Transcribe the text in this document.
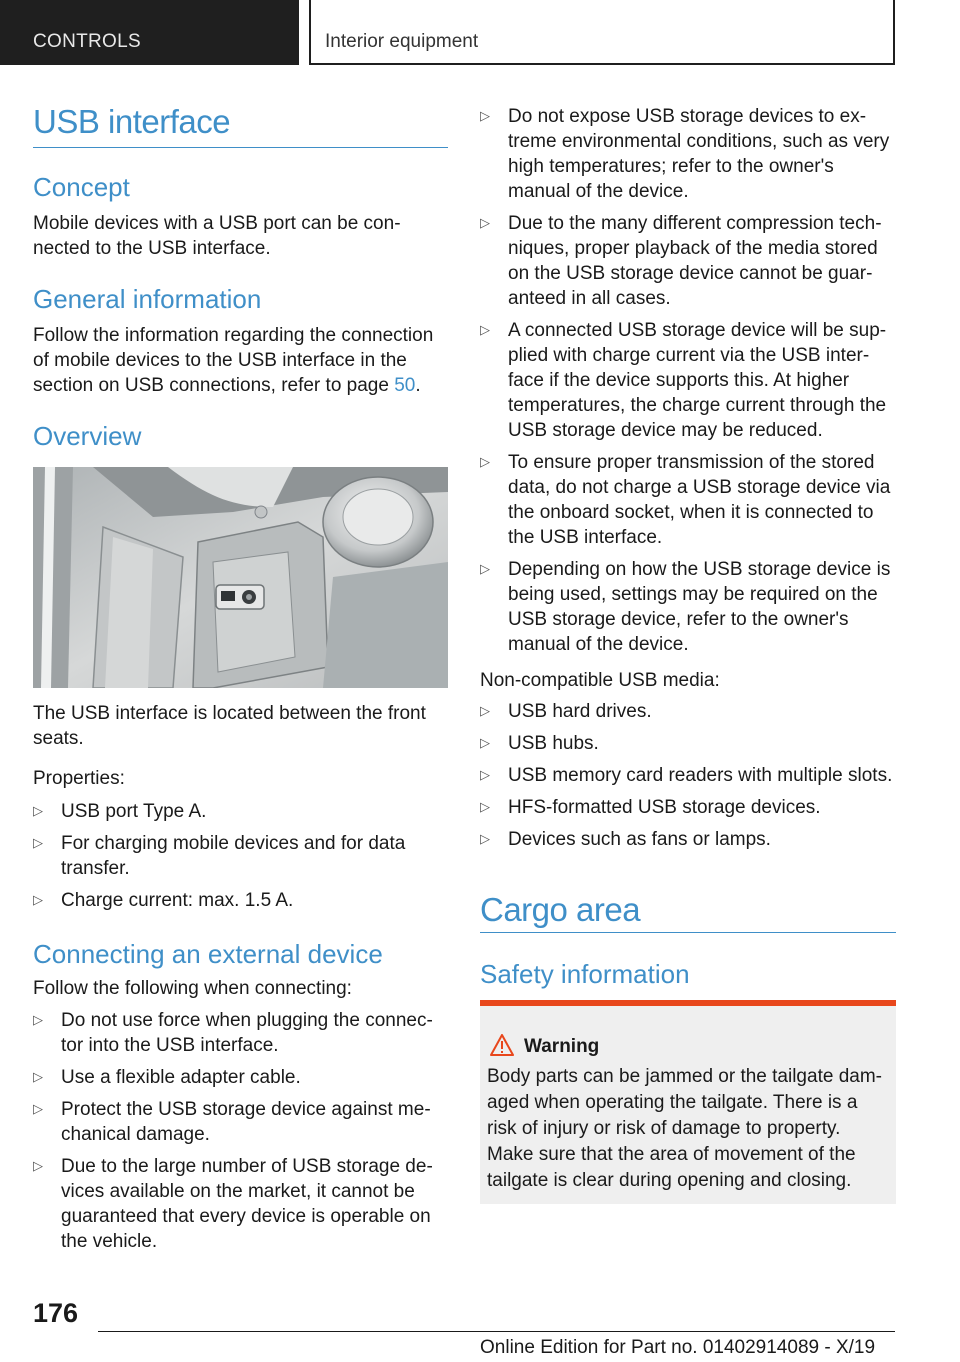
CONTROLS	Interior equipment
USB interface
Concept

Mobile devices with a USB port can be connected to the USB interface.

General information

Follow the information regarding the connection of mobile devices to the USB interface in the section on USB connections, refer to page 50.

Overview

The USB interface is located between the front seats.

Properties:

▷ USB port Type A.
▷ For charging mobile devices and for data transfer.
▷ Charge current: max. 1.5 A.
Connecting an external device

Follow the following when connecting:

▷ Do not use force when plugging the connector into the USB interface.
▷ Use a flexible adapter cable.
▷ Protect the USB storage device against mechanical damage.
▷ Due to the large number of USB storage devices available on the market, it cannot be guaranteed that every device is operable on the vehicle.
▷ Do not expose USB storage devices to extreme environmental conditions, such as very high temperatures; refer to the owner's manual of the device.
▷ Due to the many different compression techniques, proper playback of the media stored on the USB storage device cannot be guaranteed in all cases.
▷ A connected USB storage device will be supplied with charge current via the USB interface if the device supports this. At higher temperatures, the charge current through the USB storage device may be reduced.
▷ To ensure proper transmission of the stored data, do not charge a USB storage device via the onboard socket, when it is connected to the USB interface.
▷ Depending on how the USB storage device is being used, settings may be required on the USB storage device, refer to the owner's manual of the device.

Non-compatible USB media:

▷ USB hard drives.
▷ USB hubs.
▷ USB memory card readers with multiple slots.
▷ HFS-formatted USB storage devices.
▷ Devices such as fans or lamps.
Cargo area
Safety information
Warning
Body parts can be jammed or the tailgate damaged when operating the tailgate. There is a risk of injury or risk of damage to property. Make sure that the area of movement of the tailgate is clear during opening and closing.
176
Online Edition for Part no. 01402914089 - X/19
